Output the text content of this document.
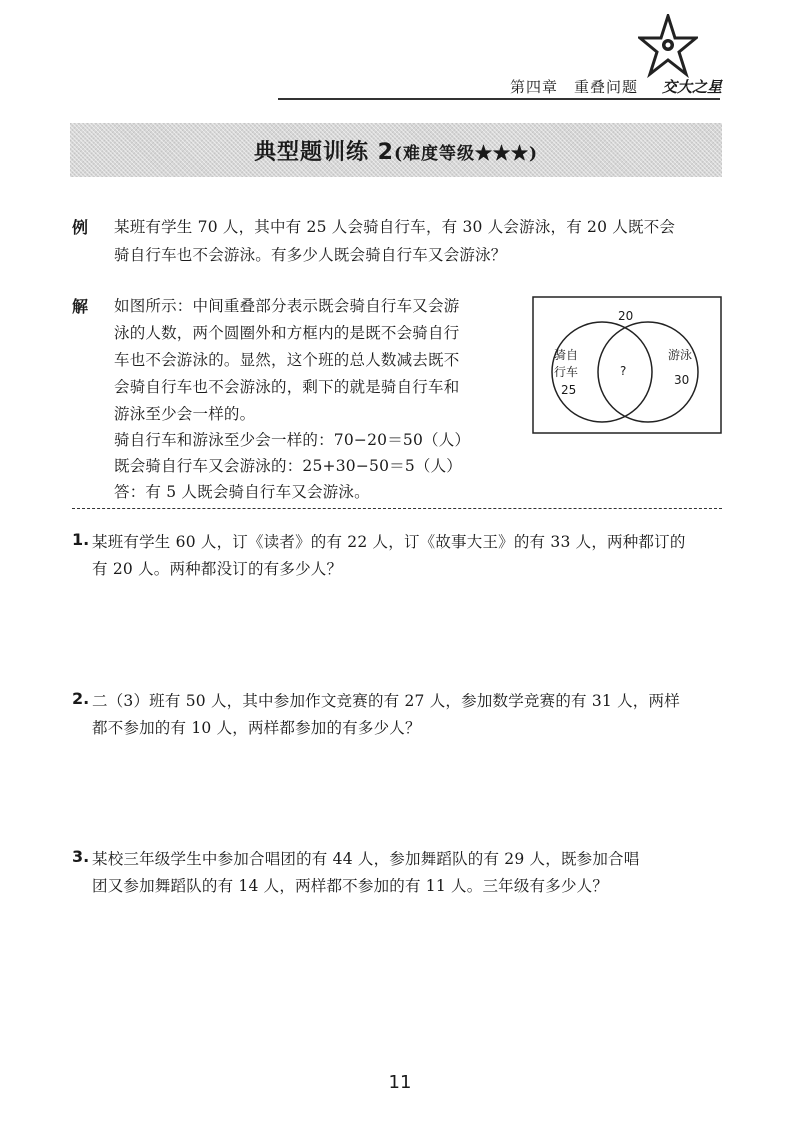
第四章　重叠问题 交大之星
典型题训练 2(难度等级★★★)
例 某班有学生 70 人，其中有 25 人会骑自行车，有 30 人会游泳，有 20 人既不会
骑自行车也不会游泳。有多少人既会骑自行车又会游泳？
解 如图所示：中间重叠部分表示既会骑自行车又会游
泳的人数，两个圆圈外和方框内的是既不会骑自行
车也不会游泳的。显然，这个班的总人数减去既不
会骑自行车也不会游泳的，剩下的就是骑自行车和
游泳至少会一样的。
骑自行车和游泳至少会一样的：70−20＝50（人）
既会骑自行车又会游泳的：25+30−50＝5（人）
答：有 5 人既会骑自行车又会游泳。
20
骑自
行车
25
?
游泳
30
1. 某班有学生 60 人，订《读者》的有 22 人，订《故事大王》的有 33 人，两种都订的
有 20 人。两种都没订的有多少人？
2. 二（3）班有 50 人，其中参加作文竞赛的有 27 人，参加数学竞赛的有 31 人，两样
都不参加的有 10 人，两样都参加的有多少人？
3. 某校三年级学生中参加合唱团的有 44 人，参加舞蹈队的有 29 人，既参加合唱
团又参加舞蹈队的有 14 人，两样都不参加的有 11 人。三年级有多少人？
11
